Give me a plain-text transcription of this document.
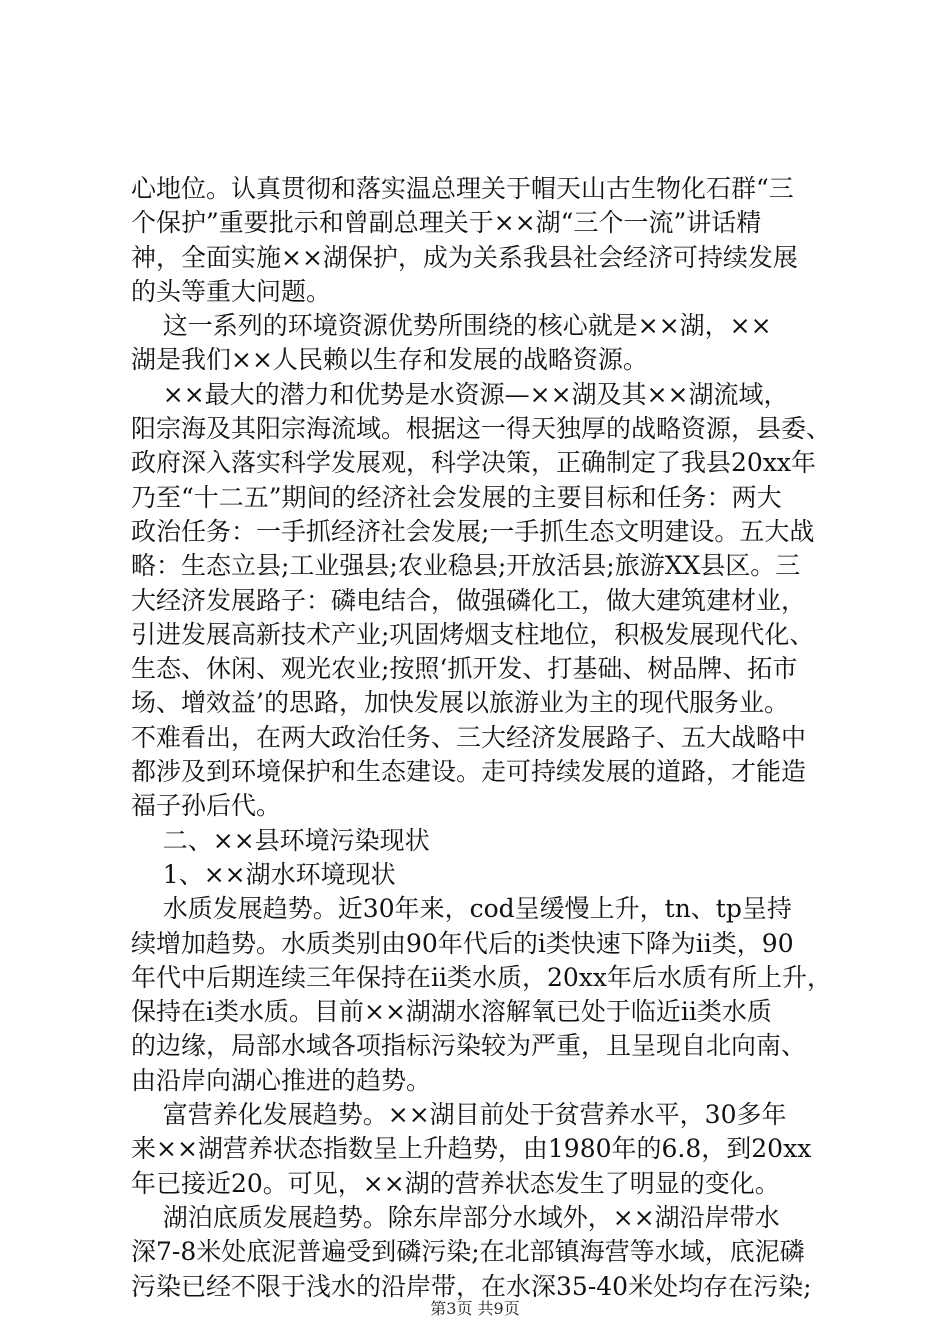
心地位。认真贯彻和落实温总理关于帽天山古生物化石群“三
个保护”重要批示和曾副总理关于××湖“三个一流”讲话精
神，全面实施××湖保护，成为关系我县社会经济可持续发展
的头等重大问题。
这一系列的环境资源优势所围绕的核心就是××湖，××
湖是我们××人民赖以生存和发展的战略资源。
××最大的潜力和优势是水资源—××湖及其××湖流域，
阳宗海及其阳宗海流域。根据这一得天独厚的战略资源，县委、
政府深入落实科学发展观，科学决策，正确制定了我县20xx年
乃至“十二五”期间的经济社会发展的主要目标和任务：两大
政治任务：一手抓经济社会发展;一手抓生态文明建设。五大战
略：生态立县;工业强县;农业稳县;开放活县;旅游XX县区。三
大经济发展路子：磷电结合，做强磷化工，做大建筑建材业，
引进发展高新技术产业;巩固烤烟支柱地位，积极发展现代化、
生态、休闲、观光农业;按照‘抓开发、打基础、树品牌、拓市
场、增效益’的思路，加快发展以旅游业为主的现代服务业。
不难看出，在两大政治任务、三大经济发展路子、五大战略中
都涉及到环境保护和生态建设。走可持续发展的道路，才能造
福子孙后代。
二、××县环境污染现状
1、××湖水环境现状
水质发展趋势。近30年来，cod呈缓慢上升，tn、tp呈持
续增加趋势。水质类别由90年代后的ⅰ类快速下降为ⅱ类，90
年代中后期连续三年保持在ⅱ类水质，20xx年后水质有所上升，
保持在ⅰ类水质。目前××湖湖水溶解氧已处于临近ⅱ类水质
的边缘，局部水域各项指标污染较为严重，且呈现自北向南、
由沿岸向湖心推进的趋势。
富营养化发展趋势。××湖目前处于贫营养水平，30多年
来××湖营养状态指数呈上升趋势，由1980年的6.8，到20xx
年已接近20。可见，××湖的营养状态发生了明显的变化。
湖泊底质发展趋势。除东岸部分水域外，××湖沿岸带水
深7-8米处底泥普遍受到磷污染;在北部镇海营等水域，底泥磷
污染已经不限于浅水的沿岸带，在水深35-40米处均存在污染;
第3页 共9页
